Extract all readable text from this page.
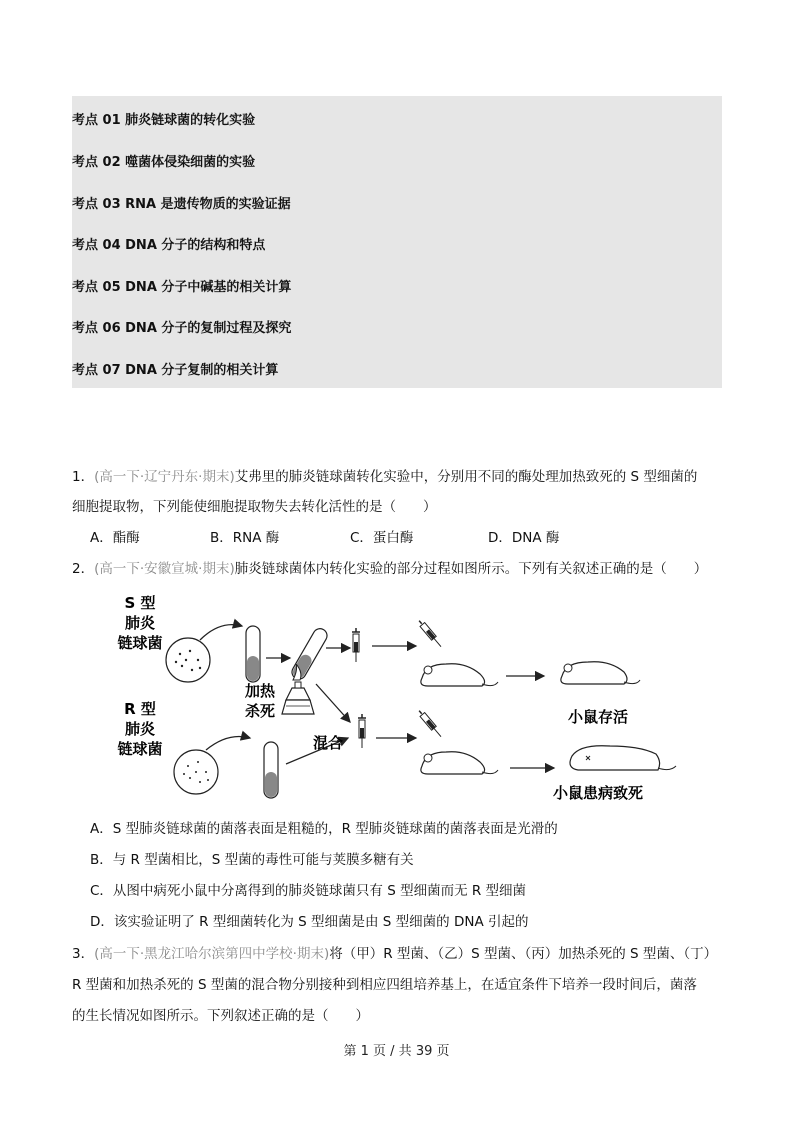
考点 01 肺炎链球菌的转化实验
考点 02 噬菌体侵染细菌的实验
考点 03 RNA 是遗传物质的实验证据
考点 04 DNA 分子的结构和特点
考点 05 DNA 分子中碱基的相关计算
考点 06 DNA 分子的复制过程及探究
考点 07 DNA 分子复制的相关计算
1．(高一下·辽宁丹东·期末)艾弗里的肺炎链球菌转化实验中，分别用不同的酶处理加热致死的 S 型细菌的
细胞提取物，下列能使细胞提取物失去转化活性的是（　　）
A．酯酶	B．RNA 酶	C．蛋白酶	D．DNA 酶
2．(高一下·安徽宣城·期末)肺炎链球菌体内转化实验的部分过程如图所示。下列有关叙述正确的是（　　）
S 型
肺炎
链球菌
加热
杀死	小鼠存活
R 型
肺炎
链球菌	混合
小鼠患病致死
A．S 型肺炎链球菌的菌落表面是粗糙的，R 型肺炎链球菌的菌落表面是光滑的
B．与 R 型菌相比，S 型菌的毒性可能与荚膜多糖有关
C．从图中病死小鼠中分离得到的肺炎链球菌只有 S 型细菌而无 R 型细菌
D．该实验证明了 R 型细菌转化为 S 型细菌是由 S 型细菌的 DNA 引起的
3．(高一下·黑龙江哈尔滨第四中学校·期末)将（甲）R 型菌、（乙）S 型菌、（丙）加热杀死的 S 型菌、（丁）
R 型菌和加热杀死的 S 型菌的混合物分别接种到相应四组培养基上，在适宜条件下培养一段时间后，菌落
的生长情况如图所示。下列叙述正确的是（　　）
第 1 页 / 共 39 页
